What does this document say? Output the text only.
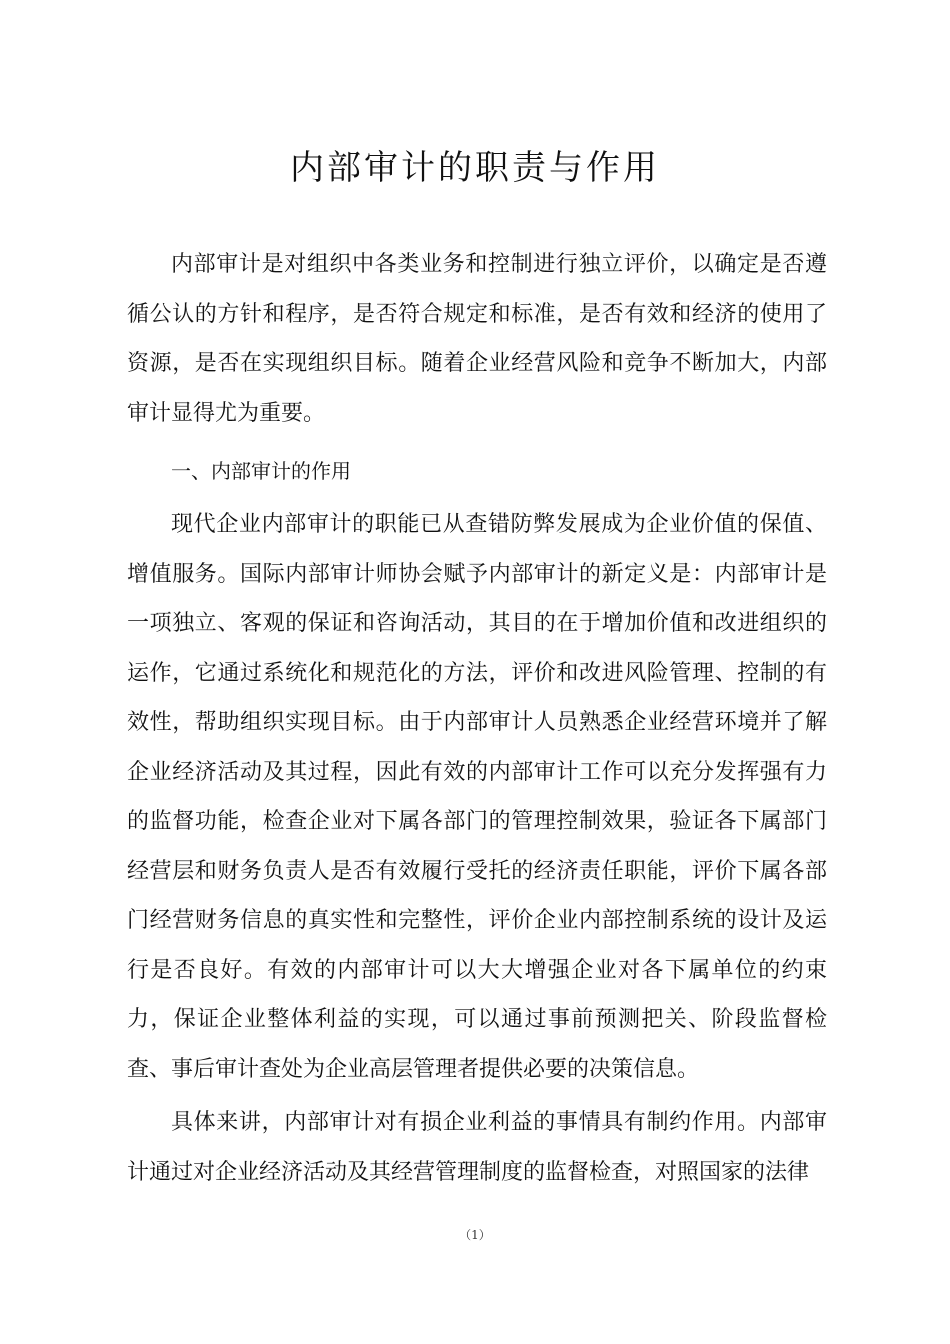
内部审计的职责与作用

内部审计是对组织中各类业务和控制进行独立评价，以确定是否遵循公认的方针和程序，是否符合规定和标准，是否有效和经济的使用了资源，是否在实现组织目标。随着企业经营风险和竞争不断加大，内部审计显得尤为重要。

一、内部审计的作用

现代企业内部审计的职能已从查错防弊发展成为企业价值的保值、增值服务。国际内部审计师协会赋予内部审计的新定义是：内部审计是一项独立、客观的保证和咨询活动，其目的在于增加价值和改进组织的运作，它通过系统化和规范化的方法，评价和改进风险管理、控制的有效性，帮助组织实现目标。由于内部审计人员熟悉企业经营环境并了解企业经济活动及其过程，因此有效的内部审计工作可以充分发挥强有力的监督功能，检查企业对下属各部门的管理控制效果，验证各下属部门经营层和财务负责人是否有效履行受托的经济责任职能，评价下属各部门经营财务信息的真实性和完整性，评价企业内部控制系统的设计及运行是否良好。有效的内部审计可以大大增强企业对各下属单位的约束力，保证企业整体利益的实现，可以通过事前预测把关、阶段监督检查、事后审计查处为企业高层管理者提供必要的决策信息。

具体来讲，内部审计对有损企业利益的事情具有制约作用。内部审计通过对企业经济活动及其经营管理制度的监督检查，对照国家的法律

（1）
